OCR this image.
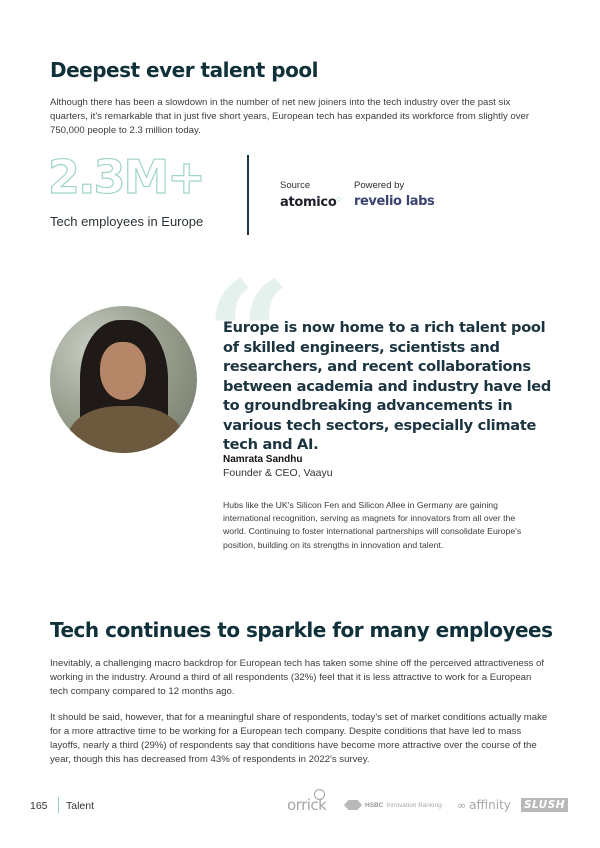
Deepest ever talent pool

Although there has been a slowdown in the number of net new joiners into the tech industry over the past six quarters, it's remarkable that in just five short years, European tech has expanded its workforce from slightly over 750,000 people to 2.3 million today.

2.3M+
Tech employees in Europe
Source	Powered by
atomico○ revelio labs
“
Europe is now home to a rich talent pool of skilled engineers, scientists and researchers, and recent collaborations between academia and industry have led to groundbreaking advancements in various tech sectors, especially climate tech and AI.
Namrata Sandhu
Founder & CEO, Vaayu

Hubs like the UK's Silicon Fen and Silicon Allee in Germany are gaining international recognition, serving as magnets for innovators from all over the world. Continuing to foster international partnerships will consolidate Europe's position, building on its strengths in innovation and talent.

Tech continues to sparkle for many employees

Inevitably, a challenging macro backdrop for European tech has taken some shine off the perceived attractiveness of working in the industry. Around a third of all respondents (32%) feel that it is less attractive to work for a European tech company compared to 12 months ago.

It should be said, however, that for a meaningful share of respondents, today's set of market conditions actually make for a more attractive time to be working for a European tech company. Despite conditions that have led to mass layoffs, nearly a third (29%) of respondents say that conditions have become more attractive over the course of the year, though this has decreased from 43% of respondents in 2022's survey.

165 Talent	orrick	HSBC Innovation Banking ∞ affinity SLUSH
